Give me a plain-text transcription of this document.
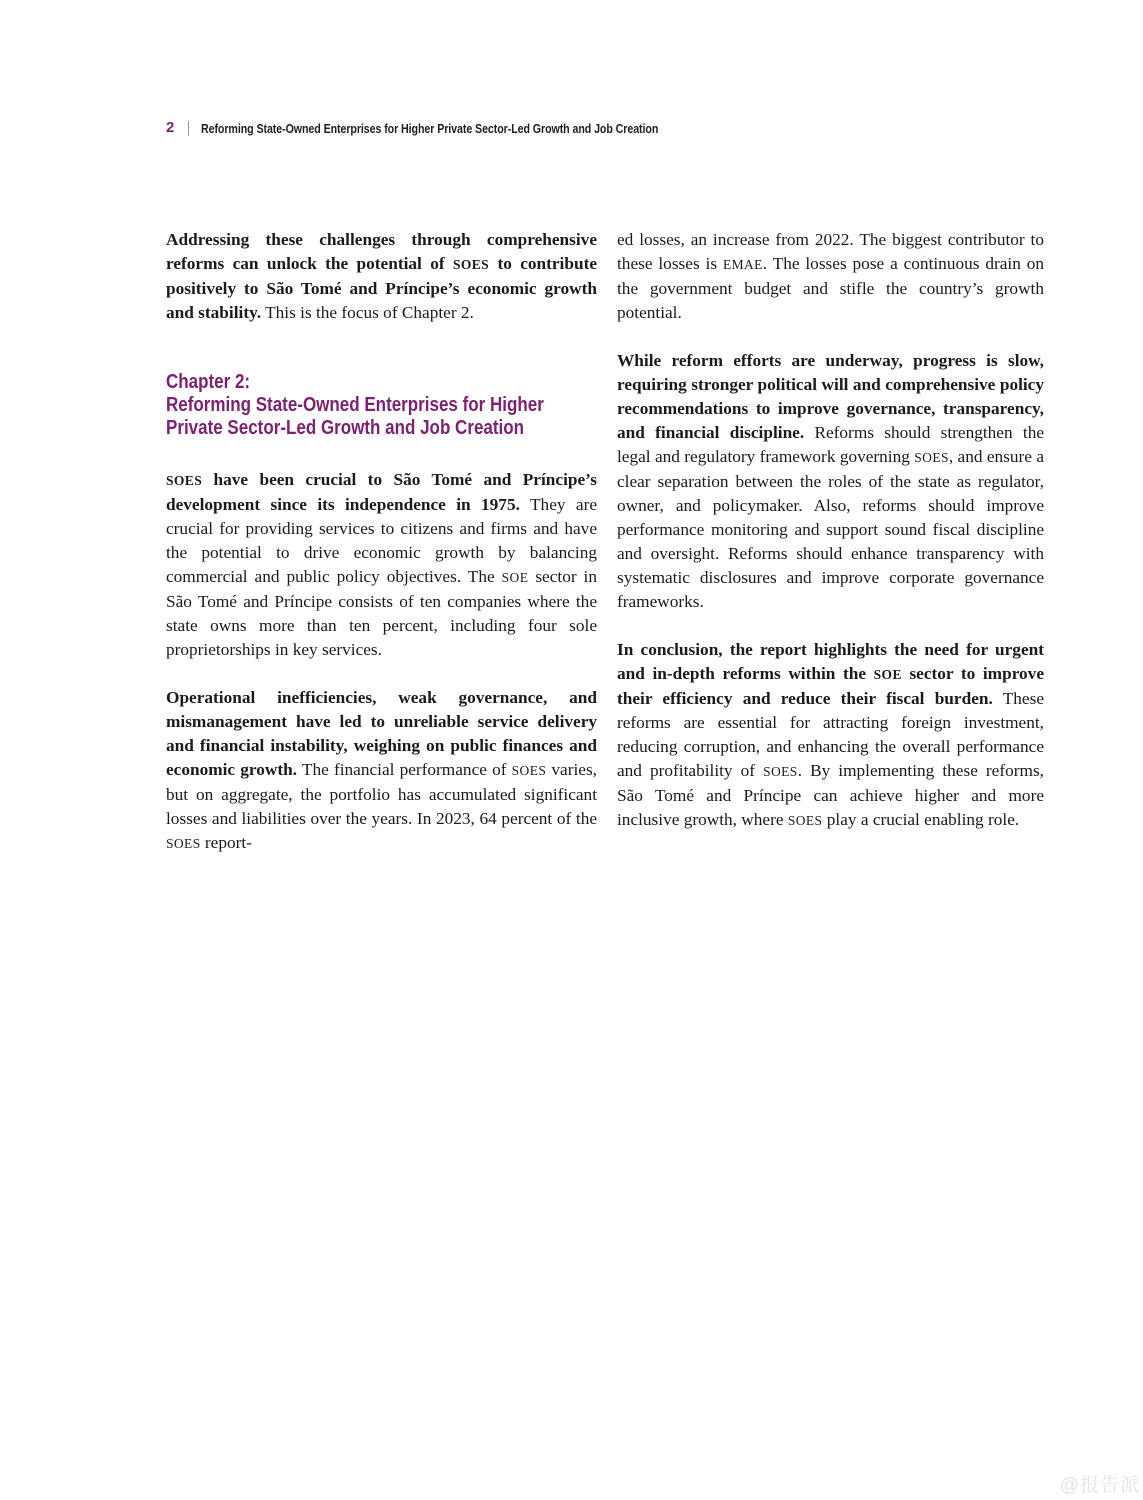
2 Reforming State-Owned Enterprises for Higher Private Sector-Led Growth and Job Creation

Addressing these challenges through comprehensive reforms can unlock the potential of SOES to contribute positively to São Tomé and Príncipe’s economic growth and stability. This is the focus of Chapter 2.

Chapter 2:
Reforming State-Owned Enterprises for Higher
Private Sector-Led Growth and Job Creation

SOES have been crucial to São Tomé and Príncipe’s development since its independence in 1975. They are crucial for providing services to citizens and firms and have the potential to drive economic growth by balancing commercial and public policy objectives. The SOE sector in São Tomé and Príncipe consists of ten companies where the state owns more than ten percent, including four sole proprietorships in key services.

Operational inefficiencies, weak governance, and mismanagement have led to unreliable service delivery and financial instability, weighing on public finances and economic growth. The financial performance of SOES varies, but on aggregate, the portfolio has accumulated significant losses and liabilities over the years. In 2023, 64 percent of the SOES report-

ed losses, an increase from 2022. The biggest contributor to these losses is EMAE. The losses pose a continuous drain on the government budget and stifle the country’s growth potential.

While reform efforts are underway, progress is slow, requiring stronger political will and comprehensive policy recommendations to improve governance, transparency, and financial discipline. Reforms should strengthen the legal and regulatory framework governing SOES, and ensure a clear separation between the roles of the state as regulator, owner, and policymaker. Also, reforms should improve performance monitoring and support sound fiscal discipline and oversight. Reforms should enhance transparency with systematic disclosures and improve corporate governance frameworks.

In conclusion, the report highlights the need for urgent and in-depth reforms within the SOE sector to improve their efficiency and reduce their fiscal burden. These reforms are essential for attracting foreign investment, reducing corruption, and enhancing the overall performance and profitability of SOES. By implementing these reforms, São Tomé and Príncipe can achieve higher and more inclusive growth, where SOES play a crucial enabling role.

@报告派
